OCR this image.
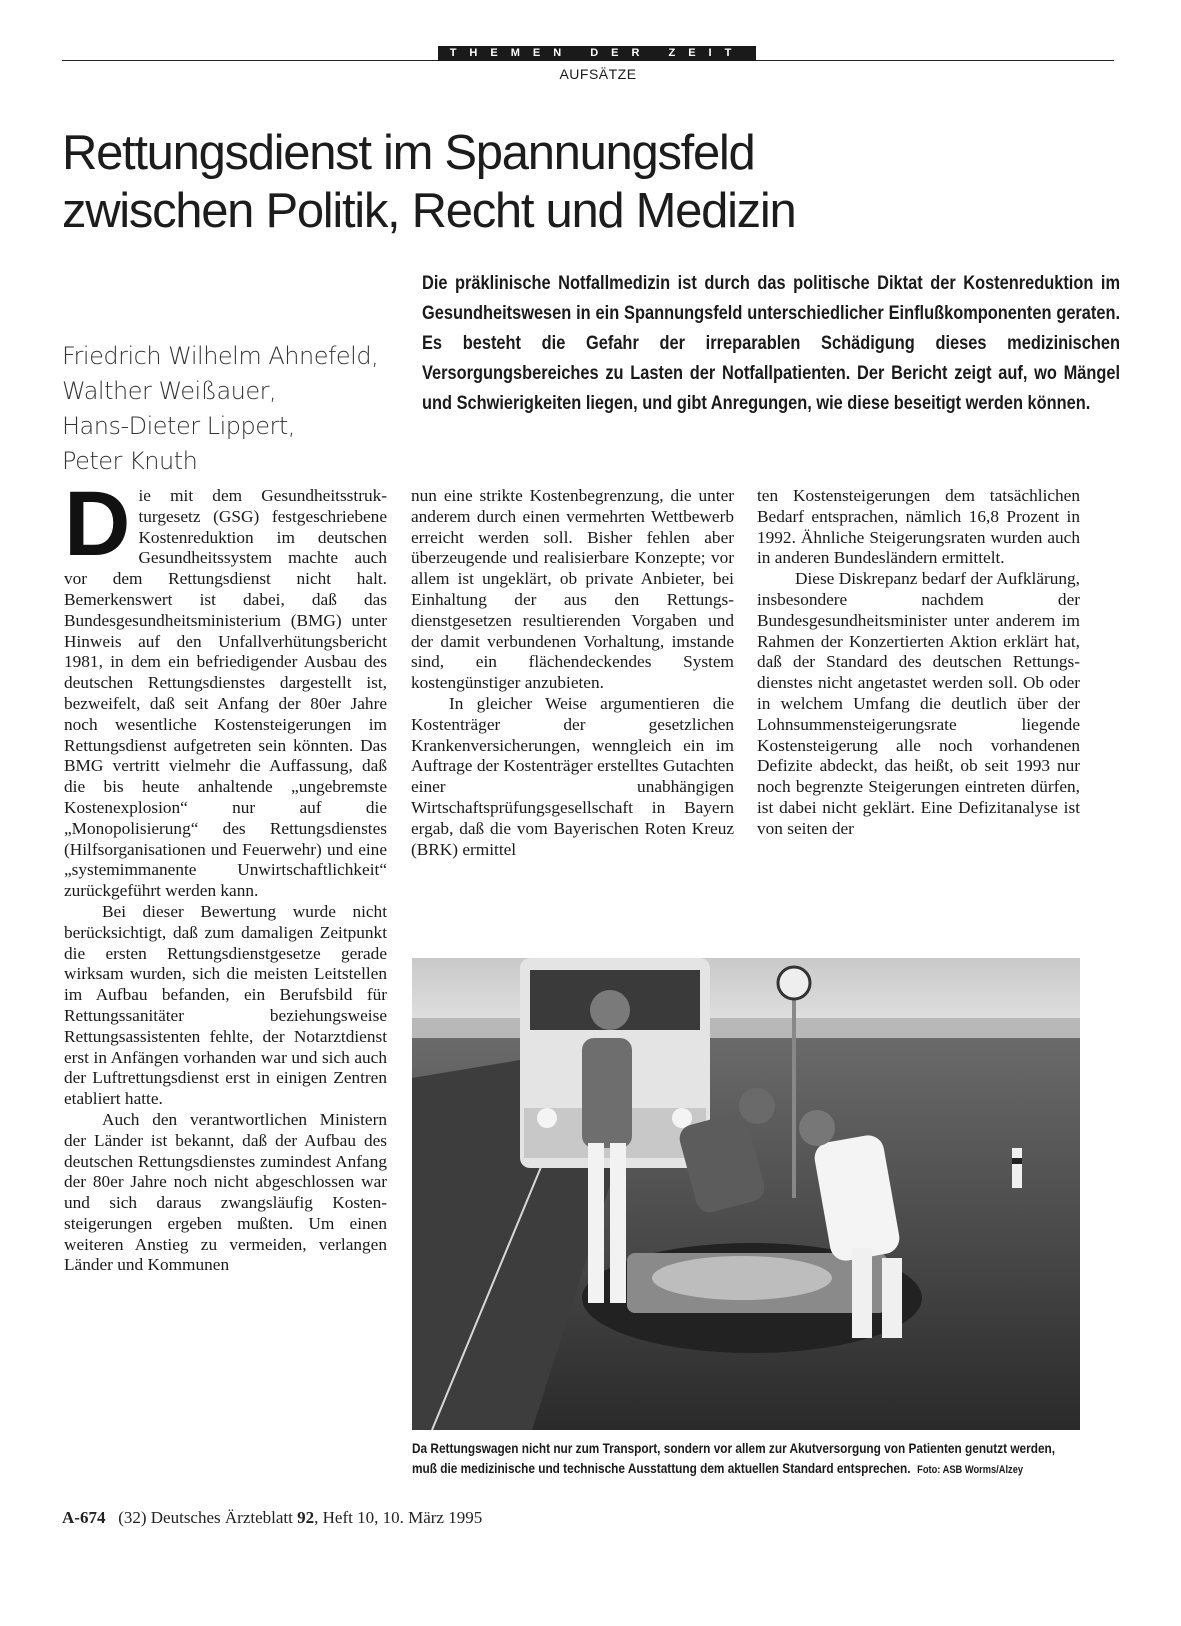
THEMEN DER ZEIT
AUFSÄTZE
Rettungsdienst im Spannungsfeld
zwischen Politik, Recht und Medizin
Friedrich Wilhelm Ahnefeld,
Walther Weißauer,
Hans-Dieter Lippert,
Peter Knuth

Die präklinische Notfallmedizin ist durch das politische Diktat der Kostenreduktion im Gesundheitswesen in ein Spannungsfeld unterschiedlicher Einflußkomponenten geraten. Es besteht die Gefahr der irreparablen Schädigung dieses medizinischen Versorgungsbereiches zu Lasten der Notfallpatienten. Der Bericht zeigt auf, wo Mängel und Schwierigkeiten liegen, und gibt Anregungen, wie diese beseitigt werden können.

Die mit dem Gesundheitsstrukturgesetz (GSG) festgeschriebene Kostenreduktion im deutschen Gesundheitssystem machte auch vor dem Rettungsdienst nicht halt. Bemerkenswert ist dabei, daß das Bundesgesundheitsministerium (BMG) unter Hinweis auf den Unfallverhütungsbericht 1981, in dem ein befriedigender Ausbau des deutschen Rettungsdienstes dargestellt ist, bezweifelt, daß seit Anfang der 80er Jahre noch wesentliche Kostensteigerungen im Rettungsdienst aufgetreten sein könnten. Das BMG vertritt vielmehr die Auffassung, daß die bis heute anhaltende „ungebremste Kostenexplosion“ nur auf die „Monopolisierung“ des Rettungsdienstes (Hilfsorganisationen und Feuerwehr) und eine „systemimmanente Unwirtschaftlichkeit“ zurückgeführt werden kann.

Bei dieser Bewertung wurde nicht berücksichtigt, daß zum damaligen Zeitpunkt die ersten Rettungsdienstgesetze gerade wirksam wurden, sich die meisten Leitstellen im Aufbau befanden, ein Berufsbild für Rettungssanitäter beziehungsweise Rettungsassistenten fehlte, der Notarztdienst erst in Anfängen vorhanden war und sich auch der Luftrettungsdienst erst in einigen Zentren etabliert hatte.

Auch den verantwortlichen Ministern der Länder ist bekannt, daß der Aufbau des deutschen Rettungsdienstes zumindest Anfang der 80er Jahre noch nicht abgeschlossen war und sich daraus zwangsläufig Kostensteigerungen ergeben mußten. Um einen weiteren Anstieg zu vermeiden, verlangen Länder und Kommunen

nun eine strikte Kostenbegrenzung, die unter anderem durch einen vermehrten Wettbewerb erreicht werden soll. Bisher fehlen aber überzeugende und realisierbare Konzepte; vor allem ist ungeklärt, ob private Anbieter, bei Einhaltung der aus den Rettungsdienstgesetzen resultierenden Vorgaben und der damit verbundenen Vorhaltung, imstande sind, ein flächendeckendes System kostengünstiger anzubieten.

In gleicher Weise argumentieren die Kostenträger der gesetzlichen Krankenversicherungen, wenngleich ein im Auftrage der Kostenträger erstelltes Gutachten einer unabhängigen Wirtschaftsprüfungsgesellschaft in Bayern ergab, daß die vom Bayerischen Roten Kreuz (BRK) ermittel

ten Kostensteigerungen dem tatsächlichen Bedarf entsprachen, nämlich 16,8 Prozent in 1992. Ähnliche Steigerungsraten wurden auch in anderen Bundesländern ermittelt.

Diese Diskrepanz bedarf der Aufklärung, insbesondere nachdem der Bundesgesundheitsminister unter anderem im Rahmen der Konzertierten Aktion erklärt hat, daß der Standard des deutschen Rettungsdienstes nicht angetastet werden soll. Ob oder in welchem Umfang die deutlich über der Lohnsummensteigerungsrate liegende Kostensteigerung alle noch vorhandenen Defizite abdeckt, das heißt, ob seit 1993 nur noch begrenzte Steigerungen eintreten dürfen, ist dabei nicht geklärt. Eine Defizitanalyse ist von seiten der

Da Rettungswagen nicht nur zum Transport, sondern vor allem zur Akutversorgung von Patienten genutzt werden, muß die medizinische und technische Ausstattung dem aktuellen Standard entsprechen. Foto: ASB Worms/Alzey
A-674 (32) Deutsches Ärzteblatt 92, Heft 10, 10. März 1995
